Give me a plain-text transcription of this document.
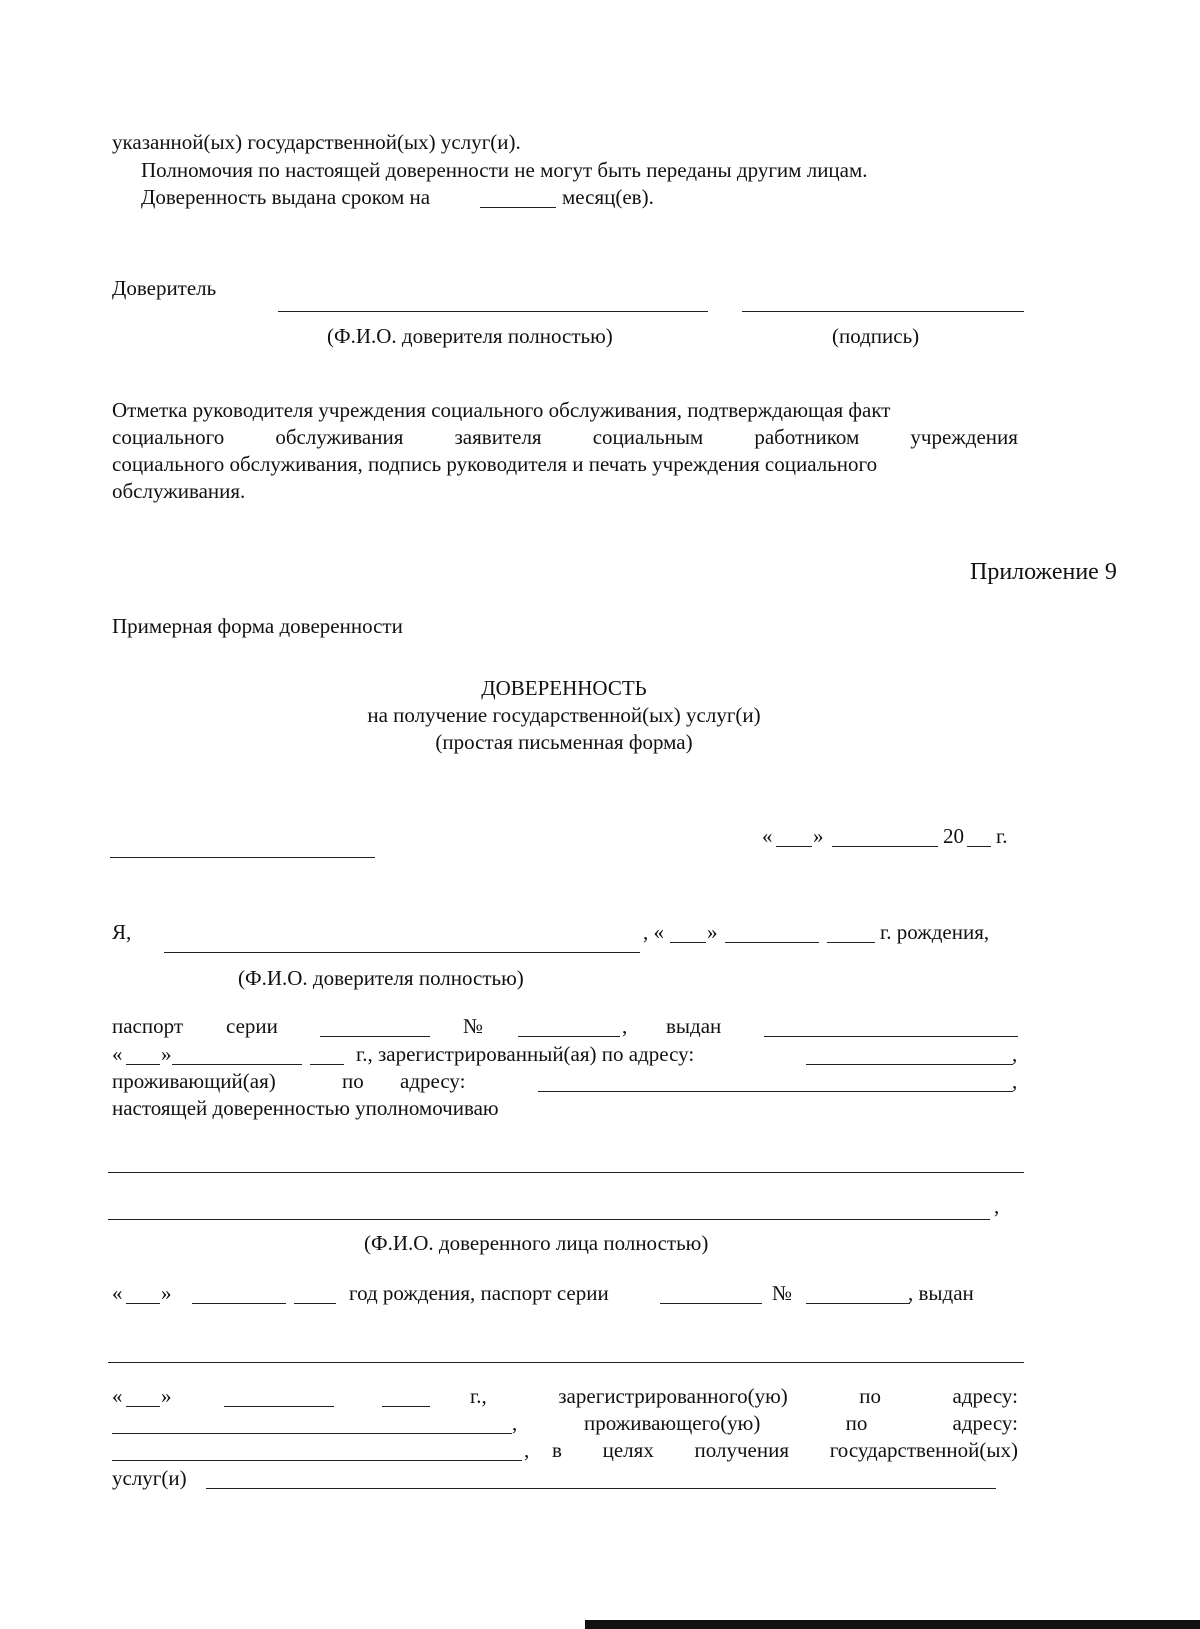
указанной(ых) государственной(ых) услуг(и).
Полномочия по настоящей доверенности не могут быть переданы другим лицам.
Доверенность выдана сроком на	месяц(ев).
Доверитель
(Ф.И.О. доверителя полностью)	(подпись)
Отметка руководителя учреждения социального обслуживания, подтверждающая факт
социального обслуживания заявителя социальным работником учреждения
социального обслуживания, подпись руководителя и печать учреждения социального
обслуживания.
Приложение 9
Примерная форма доверенности
ДОВЕРЕННОСТЬ
на получение государственной(ых) услуг(и)
(простая письменная форма)
« »	20 г.
Я,	, « »	г. рождения,
(Ф.И.О. доверителя полностью)
паспорт серии	№	, выдан
« »	г., зарегистрированный(ая) по адресу:	,
проживающий(ая)	по адресу:	,
настоящей доверенностью уполномочиваю
,
(Ф.И.О. доверенного лица полностью)
« »	год рождения, паспорт серии	№	, выдан
« »	г.,	зарегистрированного(ую)	по	адресу:
,	проживающего(ую)	по	адресу:
, в целях получения государственной(ых)
услуг(и)
